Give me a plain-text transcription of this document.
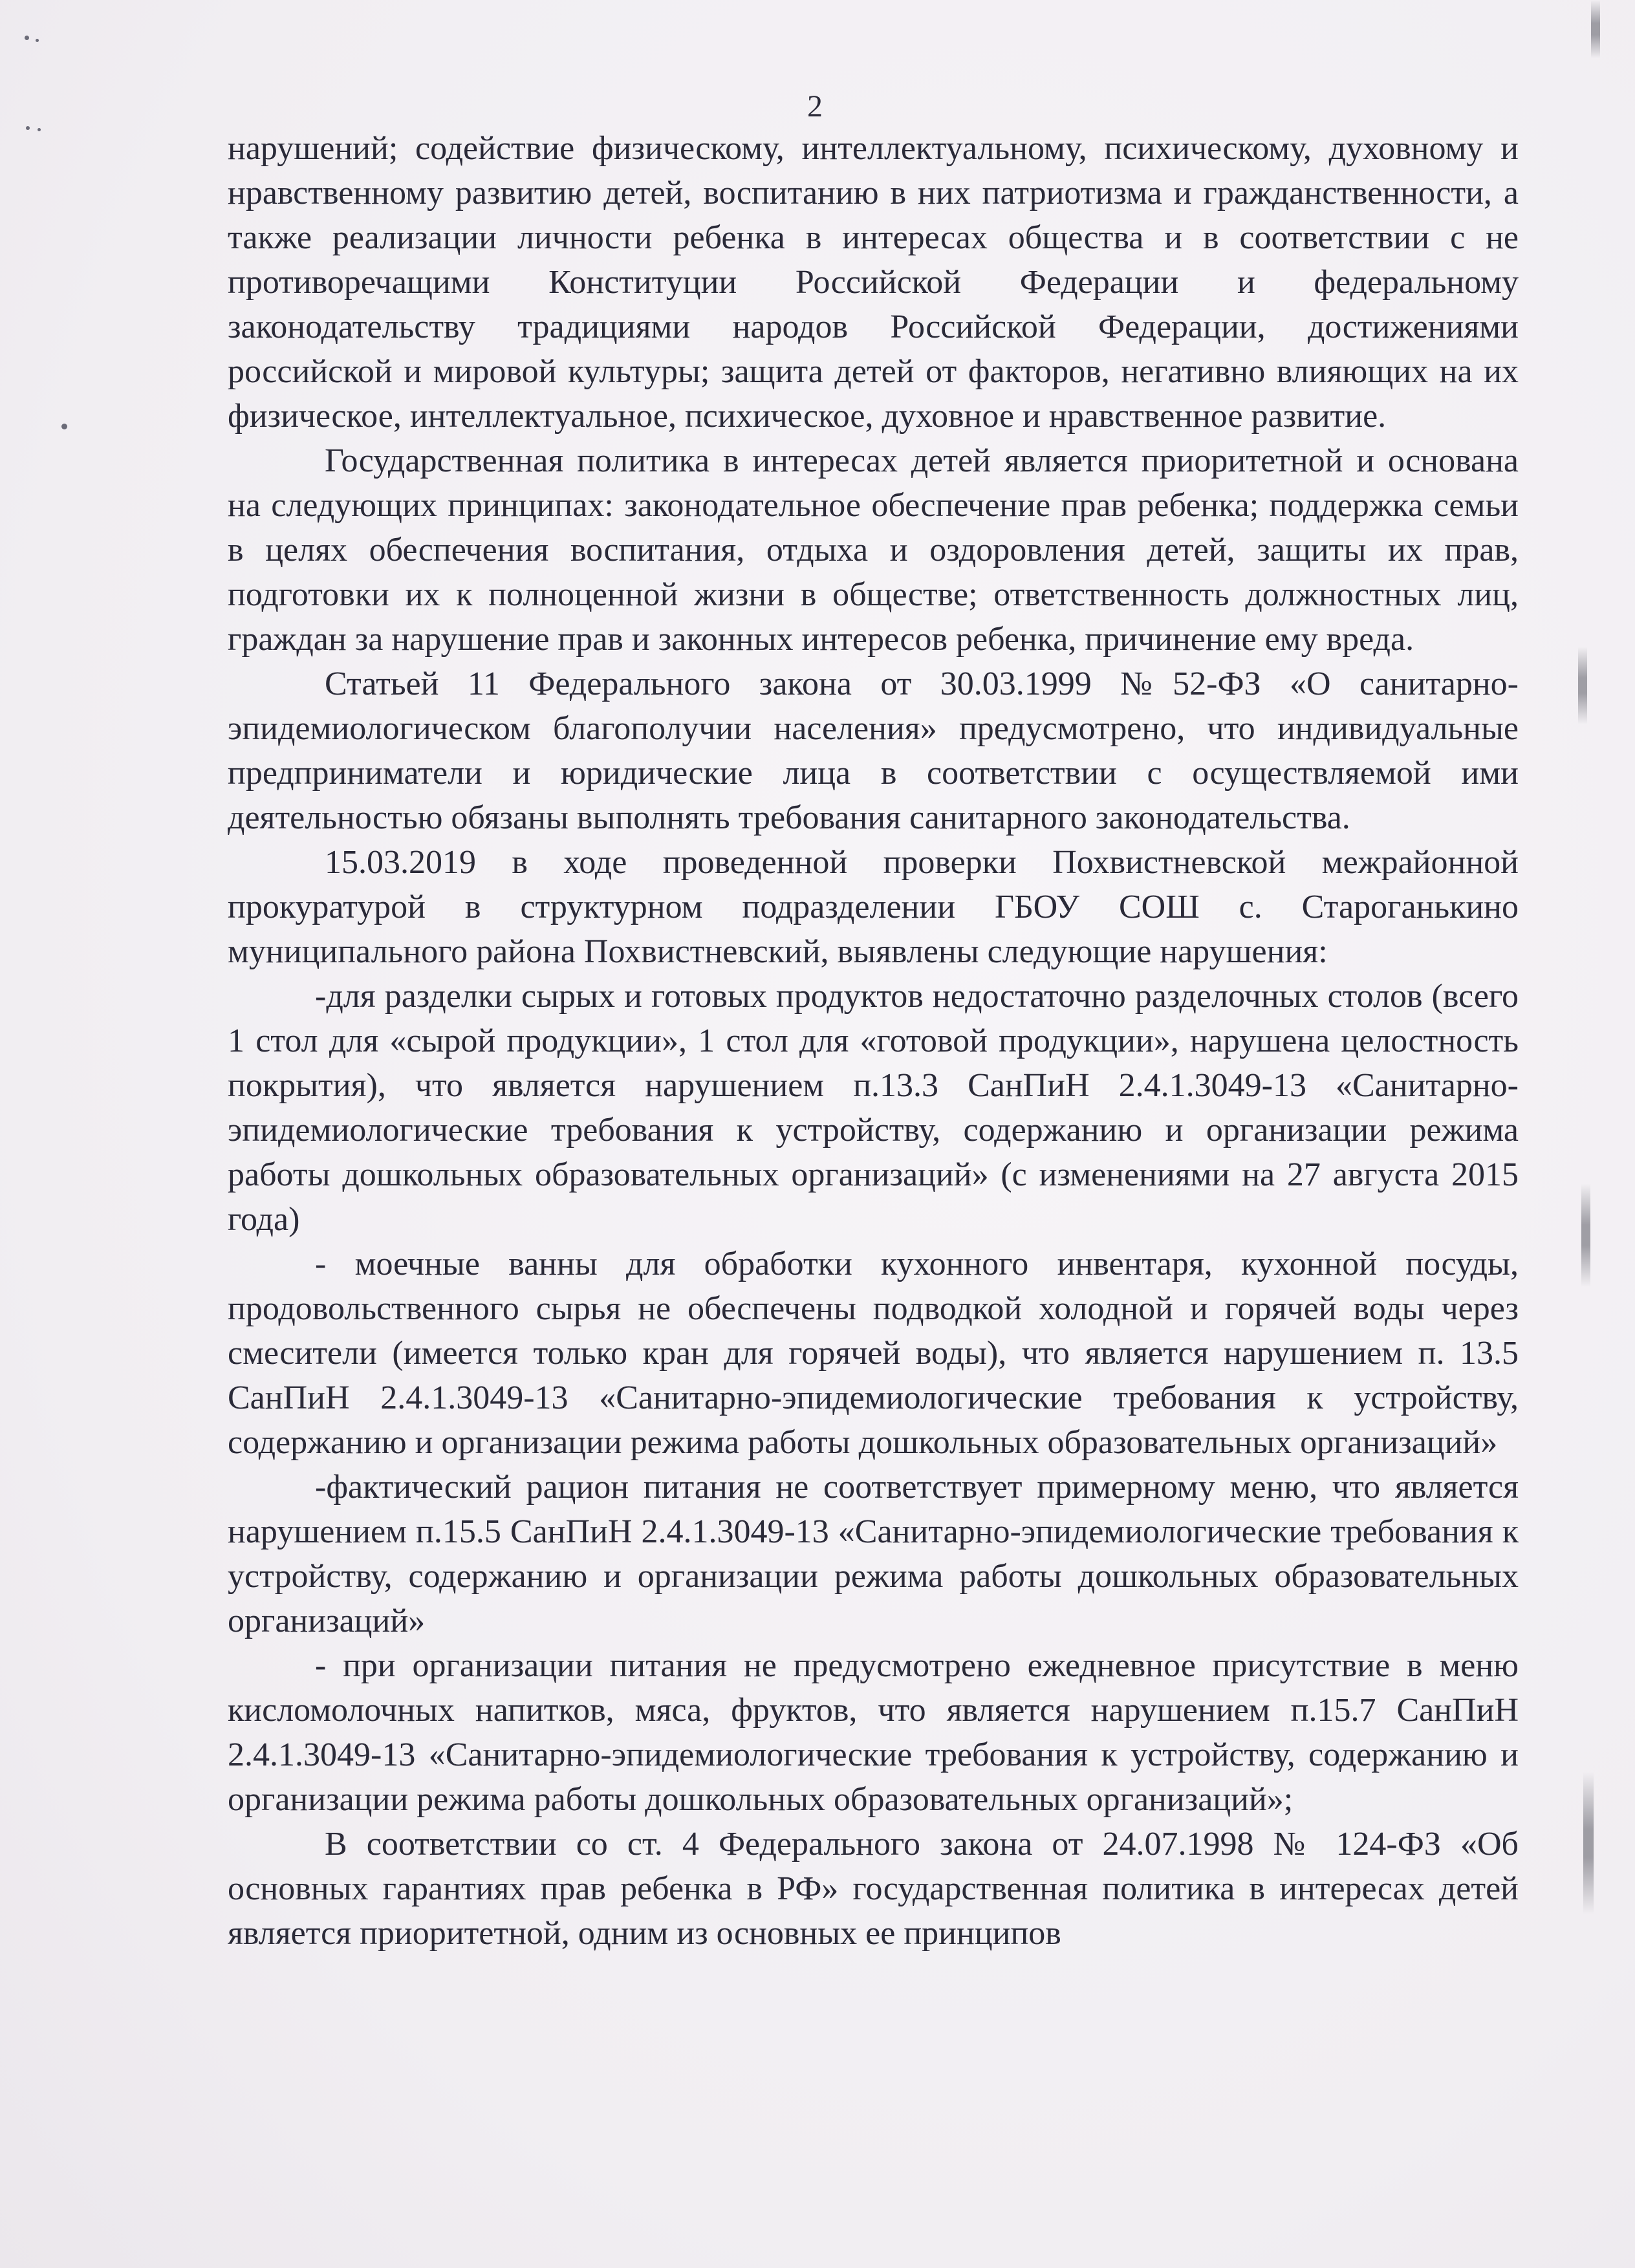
2

нарушений; содействие физическому, интеллектуальному, психическому, духовному и нравственному развитию детей, воспитанию в них патриотизма и гражданственности, а также реализации личности ребенка в интересах общества и в соответствии с не противоречащими Конституции Российской Федерации и федеральному законодательству традициями народов Российской Федерации, достижениями российской и мировой культуры; защита детей от факторов, негативно влияющих на их физическое, интеллектуальное, психическое, духовное и нравственное развитие.

Государственная политика в интересах детей является приоритетной и основана на следующих принципах: законодательное обеспечение прав ребенка; поддержка семьи в целях обеспечения воспитания, отдыха и оздоровления детей, защиты их прав, подготовки их к полноценной жизни в обществе; ответственность должностных лиц, граждан за нарушение прав и законных интересов ребенка, причинение ему вреда.

Статьей 11 Федерального закона от 30.03.1999 №52-ФЗ «О санитарно-эпидемиологическом благополучии населения» предусмотрено, что индивидуальные предприниматели и юридические лица в соответствии с осуществляемой ими деятельностью обязаны выполнять требования санитарного законодательства.

15.03.2019 в ходе проведенной проверки Похвистневской межрайонной прокуратурой в структурном подразделении ГБОУ СОШ с. Староганькино муниципального района Похвистневский, выявлены следующие нарушения:

-для разделки сырых и готовых продуктов недостаточно разделочных столов (всего 1 стол для «сырой продукции», 1 стол для «готовой продукции», нарушена целостность покрытия), что является нарушением п.13.3 СанПиН 2.4.1.3049-13 «Санитарно-эпидемиологические требования к устройству, содержанию и организации режима работы дошкольных образовательных организаций» (с изменениями на 27 августа 2015 года)

- моечные ванны для обработки кухонного инвентаря, кухонной посуды, продовольственного сырья не обеспечены подводкой холодной и горячей воды через смесители (имеется только кран для горячей воды), что является нарушением п. 13.5 СанПиН 2.4.1.3049-13 «Санитарно-эпидемиологические требования к устройству, содержанию и организации режима работы дошкольных образовательных организаций»

-фактический рацион питания не соответствует примерному меню, что является нарушением п.15.5 СанПиН 2.4.1.3049-13 «Санитарно-эпидемиологические требования к устройству, содержанию и организации режима работы дошкольных образовательных организаций»

- при организации питания не предусмотрено ежедневное присутствие в меню кисломолочных напитков, мяса, фруктов, что является нарушением п.15.7 СанПиН 2.4.1.3049-13 «Санитарно-эпидемиологические требования к устройству, содержанию и организации режима работы дошкольных образовательных организаций»;

В соответствии со ст. 4 Федерального закона от 24.07.1998 № 124-ФЗ «Об основных гарантиях прав ребенка в РФ» государственная политика в интересах детей является приоритетной, одним из основных ее принципов
